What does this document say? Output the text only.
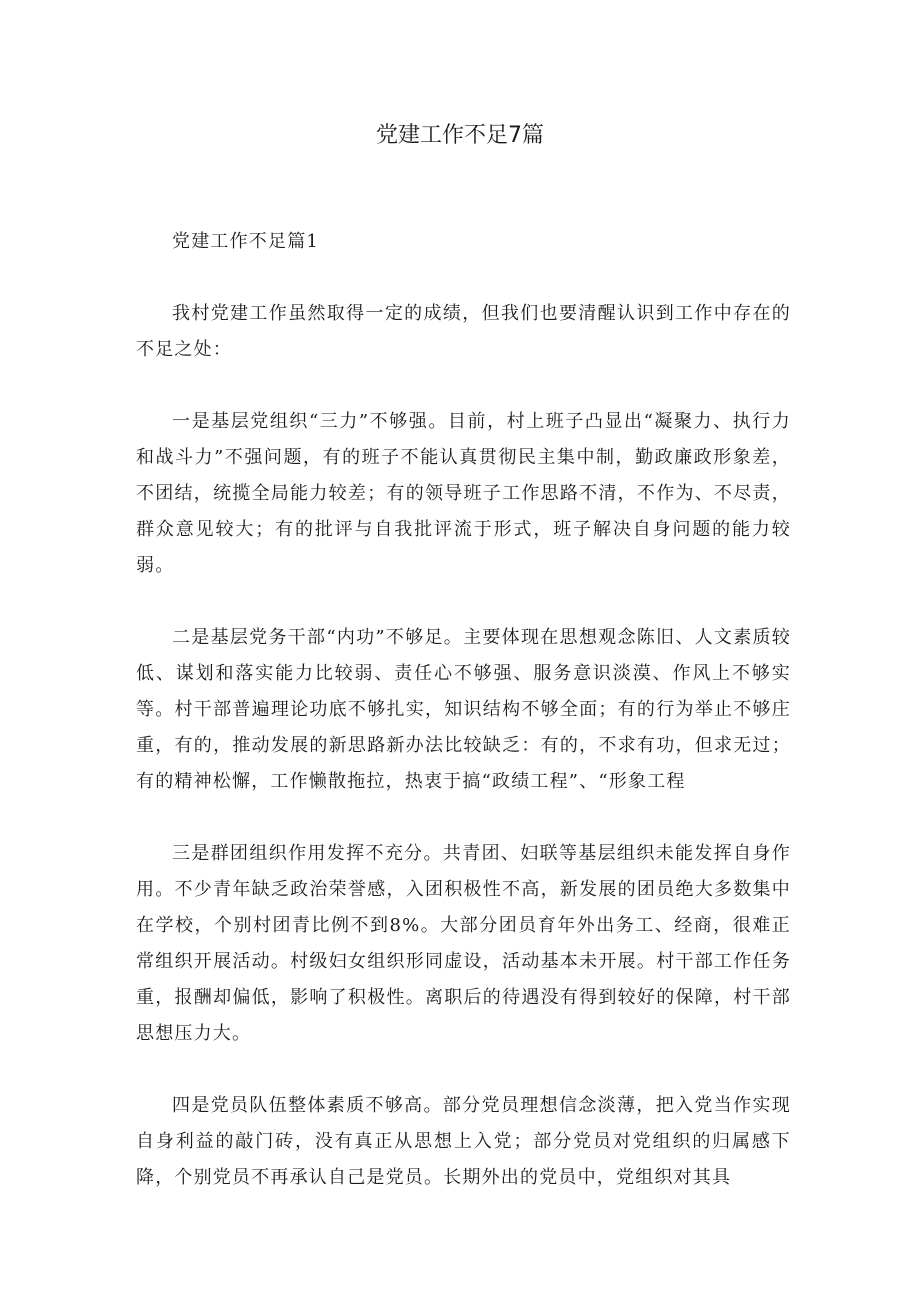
党建工作不足7篇

党建工作不足篇1

我村党建工作虽然取得一定的成绩，但我们也要清醒认识到工作中存在的不足之处：

一是基层党组织“三力”不够强。目前，村上班子凸显出“凝聚力、执行力和战斗力”不强问题，有的班子不能认真贯彻民主集中制，勤政廉政形象差，不团结，统揽全局能力较差；有的领导班子工作思路不清，不作为、不尽责，群众意见较大；有的批评与自我批评流于形式，班子解决自身问题的能力较弱。

二是基层党务干部“内功”不够足。主要体现在思想观念陈旧、人文素质较低、谋划和落实能力比较弱、责任心不够强、服务意识淡漠、作风上不够实等。村干部普遍理论功底不够扎实，知识结构不够全面；有的行为举止不够庄重，有的，推动发展的新思路新办法比较缺乏：有的，不求有功，但求无过；有的精神松懈，工作懒散拖拉，热衷于搞“政绩工程”、“形象工程

三是群团组织作用发挥不充分。共青团、妇联等基层组织未能发挥自身作用。不少青年缺乏政治荣誉感，入团积极性不高，新发展的团员绝大多数集中在学校，个别村团青比例不到8%。大部分团员育年外出务工、经商，很难正常组织开展活动。村级妇女组织形同虚设，活动基本未开展。村干部工作任务重，报酬却偏低，影响了积极性。离职后的待遇没有得到较好的保障，村干部思想压力大。

四是党员队伍整体素质不够高。部分党员理想信念淡薄，把入党当作实现自身利益的敲门砖，没有真正从思想上入党；部分党员对党组织的归属感下降，个别党员不再承认自己是党员。长期外出的党员中，党组织对其具
